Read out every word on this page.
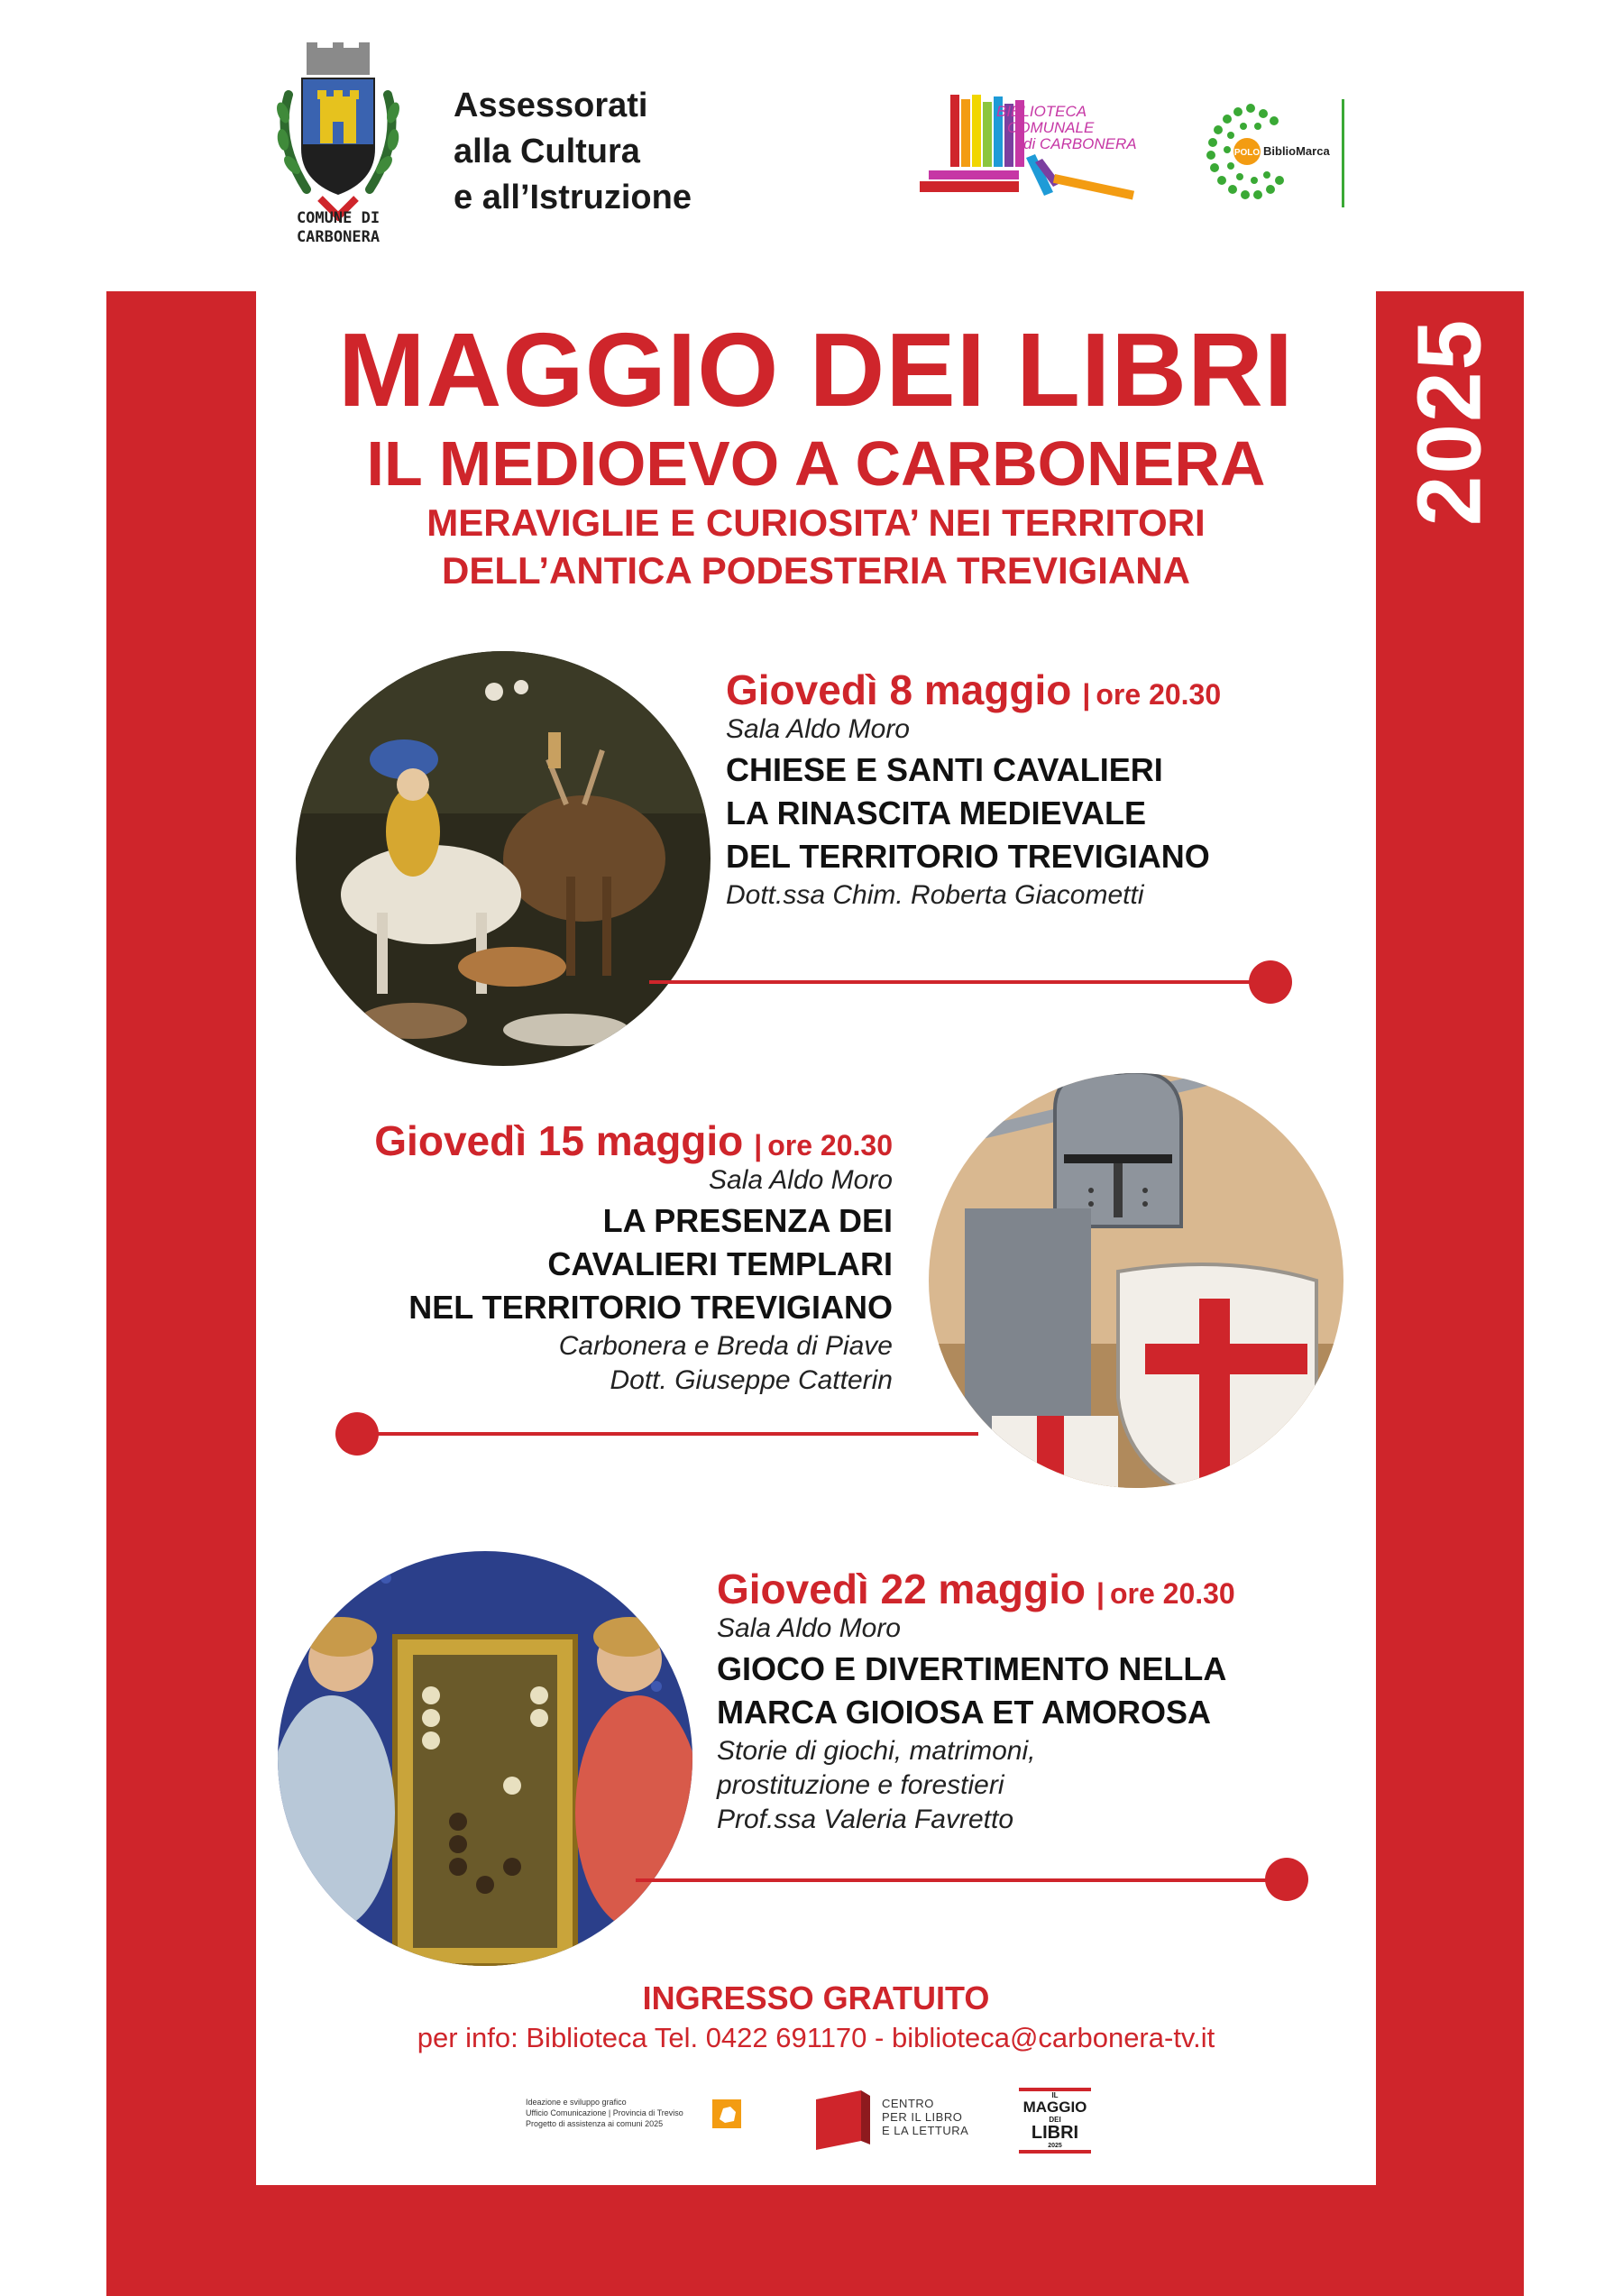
COMUNE DI
CARBONERA
Assessorati
alla Cultura
e all’Istruzione
BIBLIOTECA
COMUNALE
di CARBONERA
POLO BiblioMarca
2025
MAGGIO DEI LIBRI
IL MEDIOEVO A CARBONERA
MERAVIGLIE E CURIOSITA’ NEI TERRITORI
DELL’ANTICA PODESTERIA TREVIGIANA
Giovedì 8 maggio | ore 20.30
Sala Aldo Moro
CHIESE E SANTI CAVALIERI
LA RINASCITA MEDIEVALE
DEL TERRITORIO TREVIGIANO
Dott.ssa Chim. Roberta Giacometti
Giovedì 15 maggio | ore 20.30
Sala Aldo Moro
LA PRESENZA DEI
CAVALIERI TEMPLARI
NEL TERRITORIO TREVIGIANO
Carbonera e Breda di Piave
Dott. Giuseppe Catterin
Giovedì 22 maggio | ore 20.30
Sala Aldo Moro
GIOCO E DIVERTIMENTO NELLA
MARCA GIOIOSA ET AMOROSA
Storie di giochi, matrimoni,
prostituzione e forestieri
Prof.ssa Valeria Favretto
INGRESSO GRATUITO
per info: Biblioteca Tel. 0422 691170 - biblioteca@carbonera-tv.it
Ideazione e sviluppo grafico
Ufficio Comunicazione | Provincia di Treviso
Progetto di assistenza ai comuni 2025
CENTRO
PER IL LIBRO
E LA LETTURA
IL
MAGGIO
DEI
LIBRI
2025
